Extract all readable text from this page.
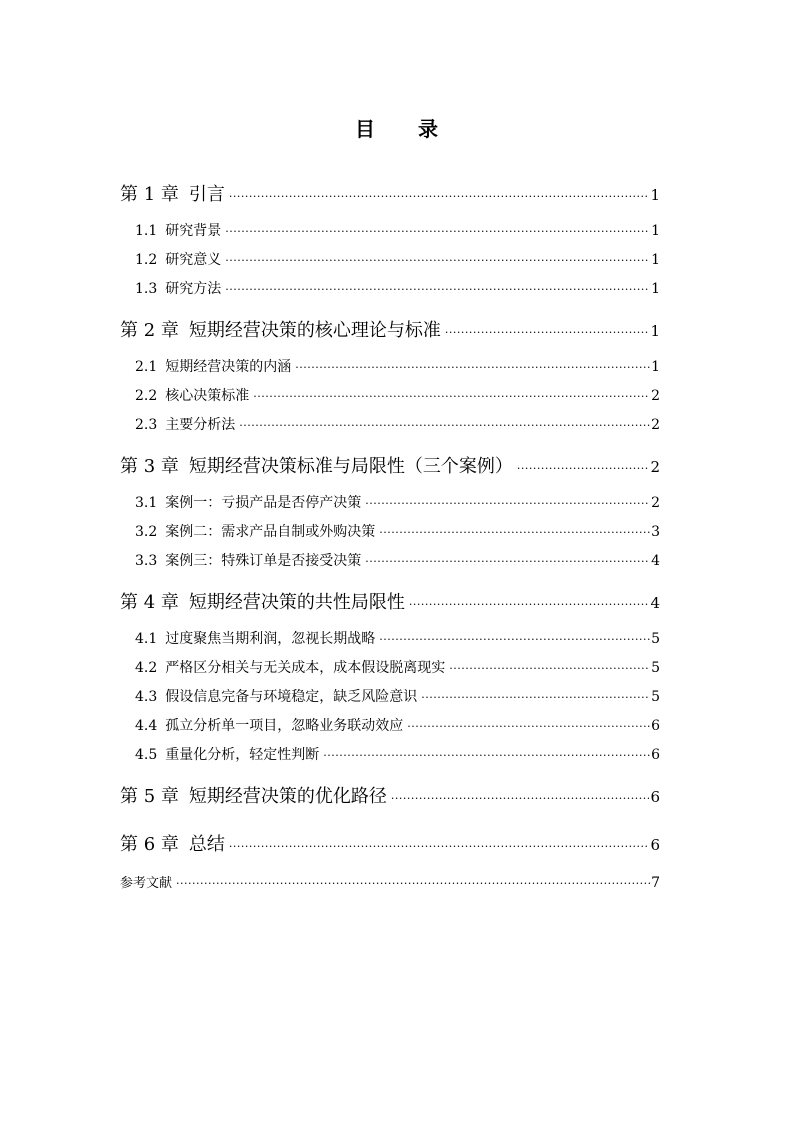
目 录
第 1 章 引言 ·····	1
1.1 研究背景 ·····	1
1.2 研究意义 ·····	1
1.3 研究方法 ·····	1
第 2 章 短期经营决策的核心理论与标准 ·····	1
2.1 短期经营决策的内涵 ·····	1
2.2 核心决策标准 ·····	2
2.3 主要分析法 ·····	2
第 3 章 短期经营决策标准与局限性（三个案例） ·····	2
3.1 案例一：亏损产品是否停产决策 ·····	2
3.2 案例二：需求产品自制或外购决策 ·····	3
3.3 案例三：特殊订单是否接受决策 ·····	4
第 4 章 短期经营决策的共性局限性 ·····	4
4.1 过度聚焦当期利润，忽视长期战略 ·····	5
4.2 严格区分相关与无关成本，成本假设脱离现实 ·····	5
4.3 假设信息完备与环境稳定，缺乏风险意识 ·····	5
4.4 孤立分析单一项目，忽略业务联动效应 ·····	6
4.5 重量化分析，轻定性判断 ·····	6
第 5 章 短期经营决策的优化路径 ·····	6
第 6 章 总结 ·····	6
参考文献 ·····	7
